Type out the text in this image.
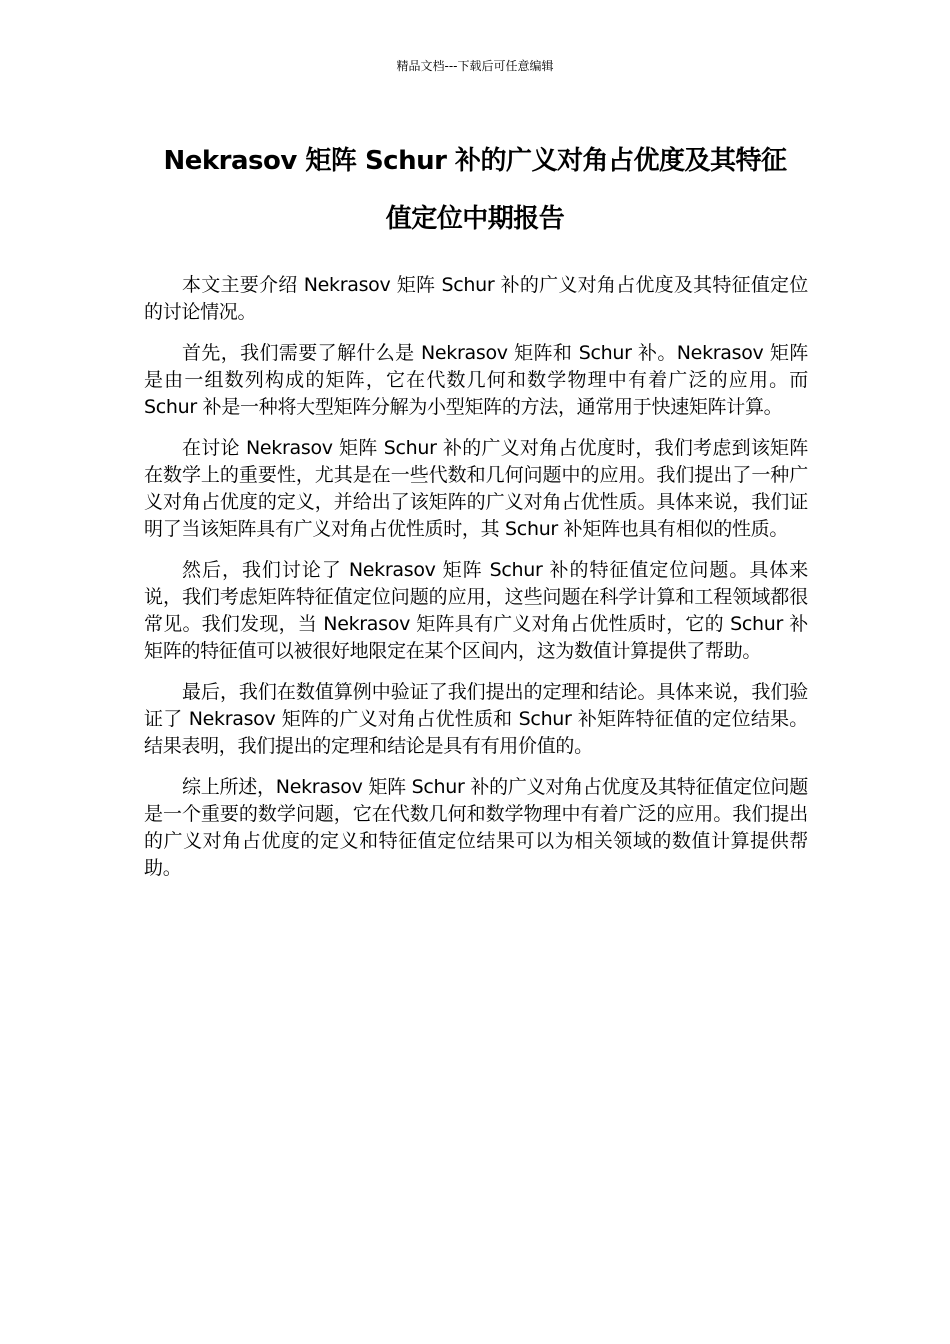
精品文档---下载后可任意编辑
Nekrasov 矩阵 Schur 补的广义对角占优度及其特征
值定位中期报告

本文主要介绍 Nekrasov 矩阵 Schur 补的广义对角占优度及其特征值定位的讨论情况。

首先，我们需要了解什么是 Nekrasov 矩阵和 Schur 补。Nekrasov 矩阵是由一组数列构成的矩阵，它在代数几何和数学物理中有着广泛的应用。而 Schur 补是一种将大型矩阵分解为小型矩阵的方法，通常用于快速矩阵计算。

在讨论 Nekrasov 矩阵 Schur 补的广义对角占优度时，我们考虑到该矩阵在数学上的重要性，尤其是在一些代数和几何问题中的应用。我们提出了一种广义对角占优度的定义，并给出了该矩阵的广义对角占优性质。具体来说，我们证明了当该矩阵具有广义对角占优性质时，其 Schur 补矩阵也具有相似的性质。

然后，我们讨论了 Nekrasov 矩阵 Schur 补的特征值定位问题。具体来说，我们考虑矩阵特征值定位问题的应用，这些问题在科学计算和工程领域都很常见。我们发现，当 Nekrasov 矩阵具有广义对角占优性质时，它的 Schur 补矩阵的特征值可以被很好地限定在某个区间内，这为数值计算提供了帮助。

最后，我们在数值算例中验证了我们提出的定理和结论。具体来说，我们验证了 Nekrasov 矩阵的广义对角占优性质和 Schur 补矩阵特征值的定位结果。结果表明，我们提出的定理和结论是具有有用价值的。

综上所述，Nekrasov 矩阵 Schur 补的广义对角占优度及其特征值定位问题是一个重要的数学问题，它在代数几何和数学物理中有着广泛的应用。我们提出的广义对角占优度的定义和特征值定位结果可以为相关领域的数值计算提供帮助。
